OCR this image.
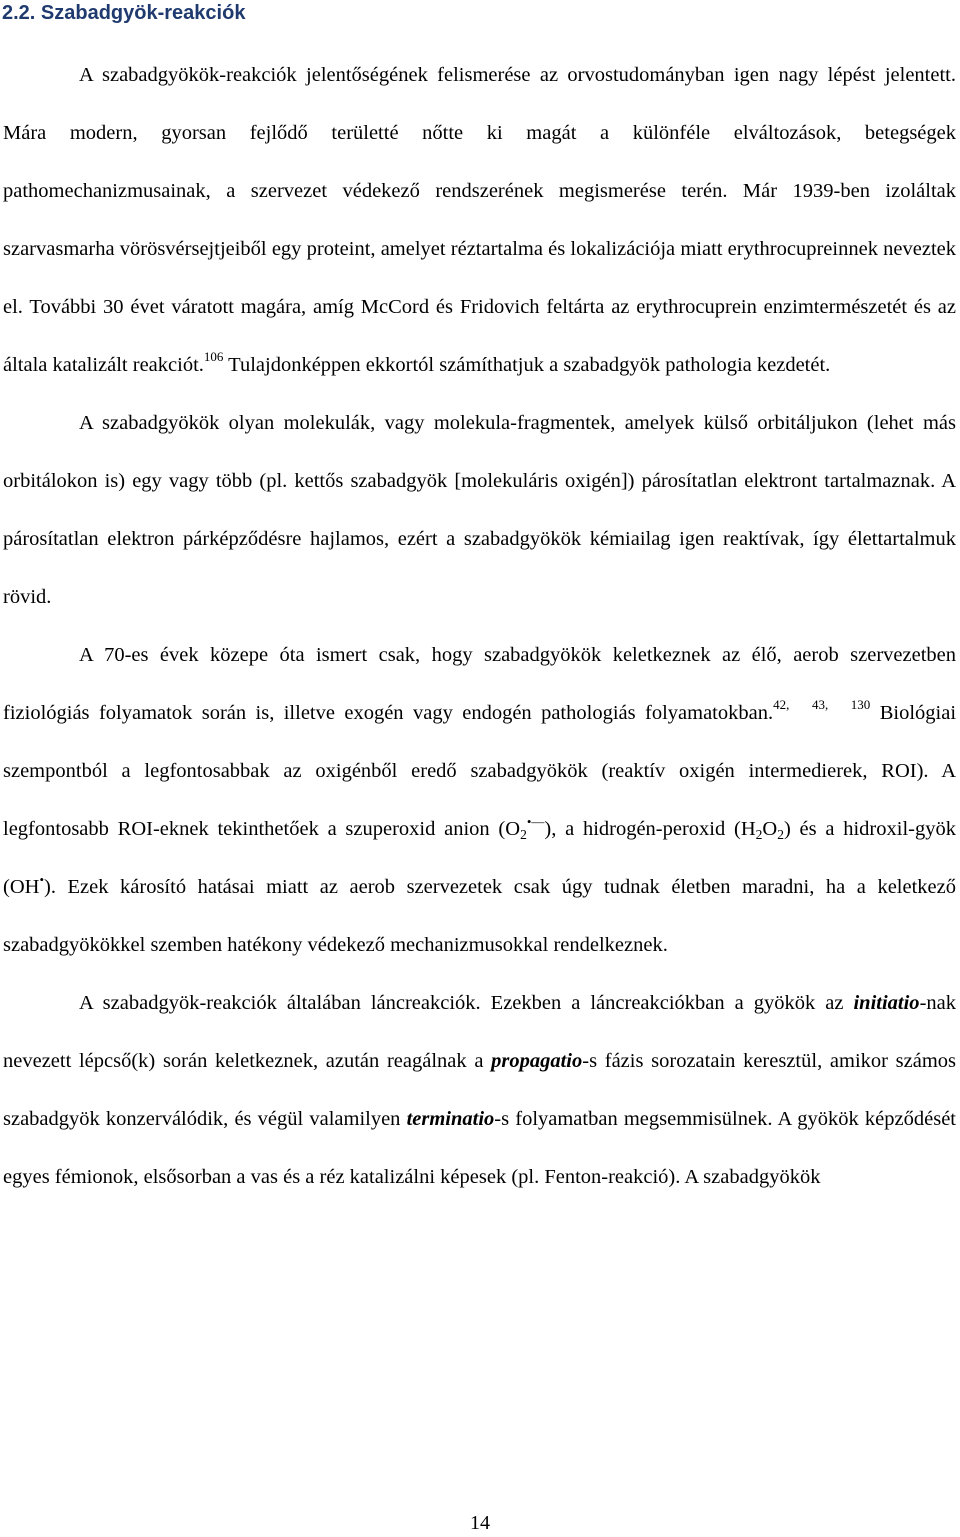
2.2. Szabadgyök-reakciók

A szabadgyökök-reakciók jelentőségének felismerése az orvostudományban igen nagy lépést jelentett. Mára modern, gyorsan fejlődő területté nőtte ki magát a különféle elváltozások, betegségek pathomechanizmusainak, a szervezet védekező rendszerének megismerése terén. Már 1939-ben izoláltak szarvasmarha vörösvérsejtjeiből egy proteint, amelyet réztartalma és lokalizációja miatt erythrocupreinnek neveztek el. További 30 évet váratott magára, amíg McCord és Fridovich feltárta az erythrocuprein enzimtermészetét és az általa katalizált reakciót.$^{106}$ Tulajdonképpen ekkortól számíthatjuk a szabadgyök pathologia kezdetét.

A szabadgyökök olyan molekulák, vagy molekula-fragmentek, amelyek külső orbitáljukon (lehet más orbitálokon is) egy vagy több (pl. kettős szabadgyök [molekuláris oxigén]) párosítatlan elektront tartalmaznak. A párosítatlan elektron párképződésre hajlamos, ezért a szabadgyökök kémiailag igen reaktívak, így élettartalmuk rövid.

A 70-es évek közepe óta ismert csak, hogy szabadgyökök keletkeznek az élő, aerob szervezetben fiziológiás folyamatok során is, illetve exogén vagy endogén pathologiás folyamatokban.$^{42, 43, 130}$ Biológiai szempontból a legfontosabbak az oxigénből eredő szabadgyökök (reaktív oxigén intermedierek, ROI). A legfontosabb ROI-eknek tekinthetőek a szuperoxid anion $(O_2^{•—})$, a hidrogén-peroxid $(H_2O_2)$ és a hidroxil-gyök (OH•). Ezek károsító hatásai miatt az aerob szervezetek csak úgy tudnak életben maradni, ha a keletkező szabadgyökökkel szemben hatékony védekező mechanizmusokkal rendelkeznek.

A szabadgyök-reakciók általában láncreakciók. Ezekben a láncreakciókban a gyökök az initiatio-nak nevezett lépcső(k) során keletkeznek, azután reagálnak a propagatio-s fázis sorozatain keresztül, amikor számos szabadgyök konzerválódik, és végül valamilyen terminatio-s folyamatban megsemmisülnek. A gyökök képződését egyes fémionok, elsősorban a vas és a réz katalizálni képesek (pl. Fenton-reakció). A szabadgyökök

14
